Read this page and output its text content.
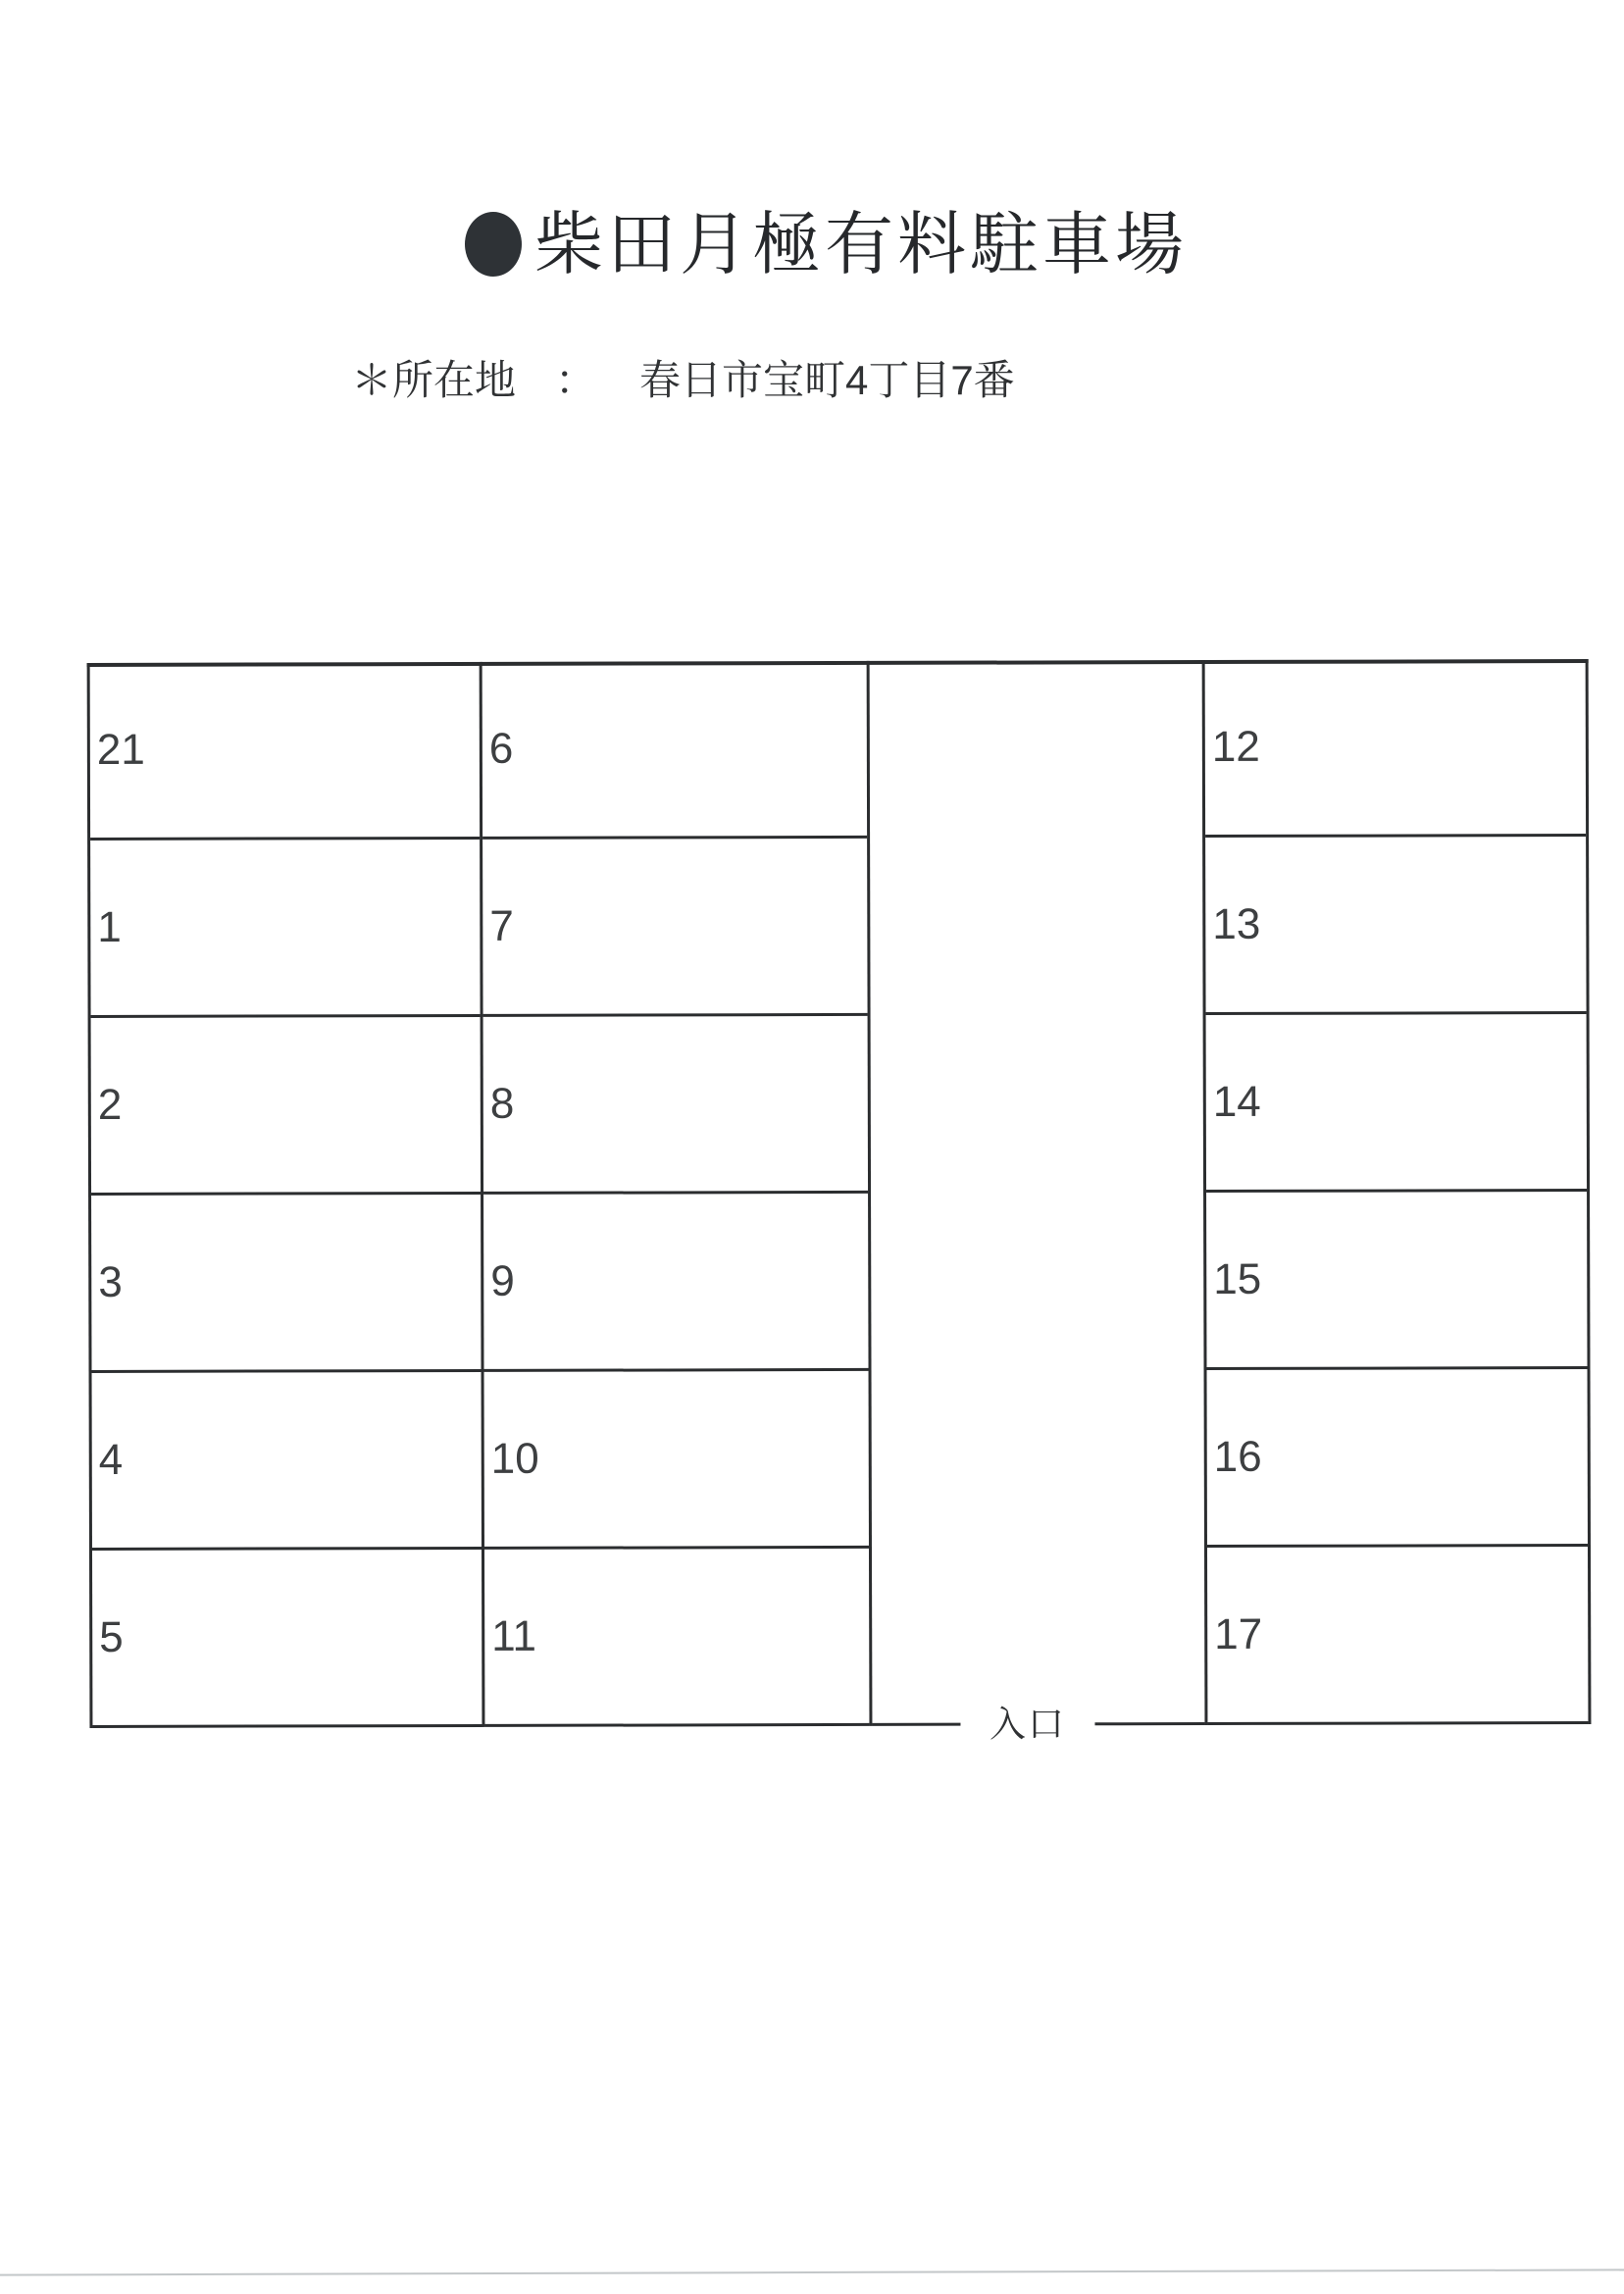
柴田月極有料駐車場
＊所在地 ： 春日市宝町4丁目7番
21
1
2
3
4
5
6
7
8
9
10
11
12
13
14
15
16
17
入口
